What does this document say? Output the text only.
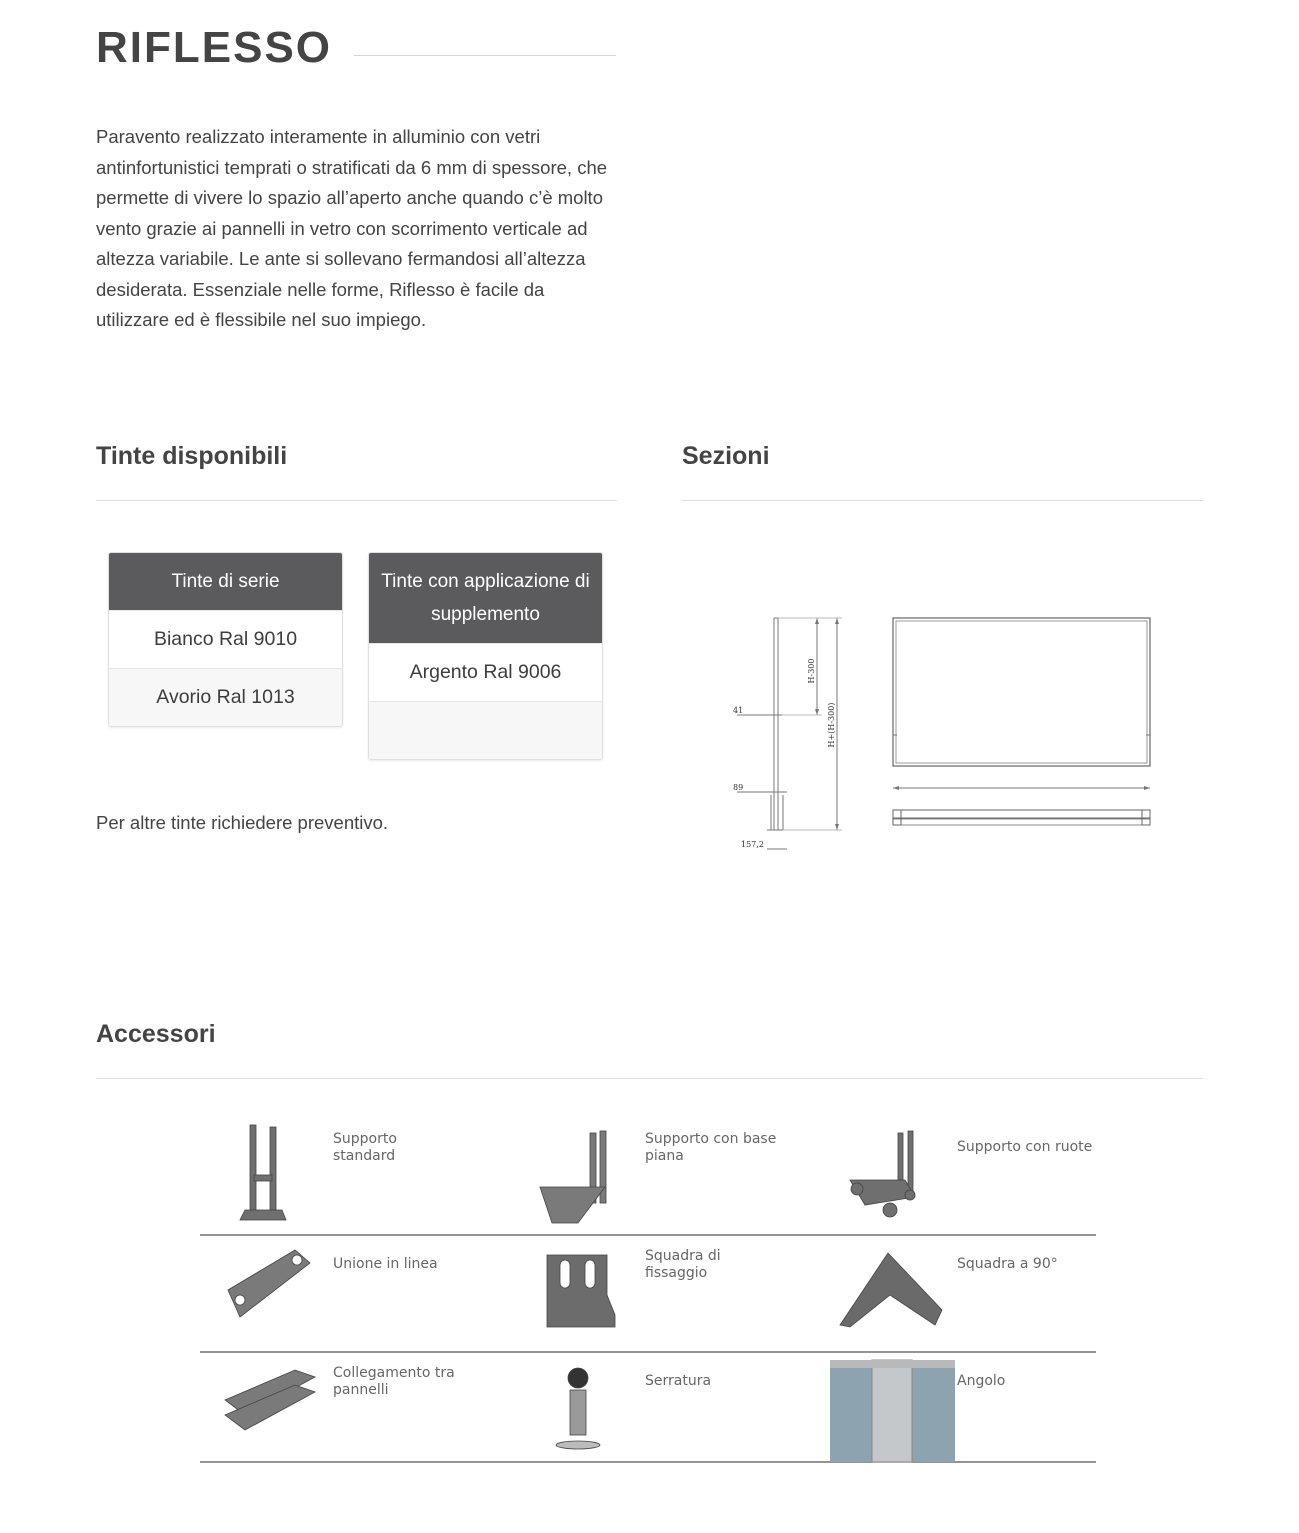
RIFLESSO

Paravento realizzato interamente in alluminio con vetri antinfortunistici temprati o stratificati da 6 mm di spessore, che permette di vivere lo spazio all’aperto anche quando c’è molto vento grazie ai pannelli in vetro con scorrimento verticale ad altezza variabile. Le ante si sollevano fermandosi all’altezza desiderata. Essenziale nelle forme, Riflesso è facile da utilizzare ed è flessibile nel suo impiego.

Tinte disponibili
Tinte di serie
Bianco Ral 9010
Avorio Ral 1013
Tinte con applicazione di supplemento
Argento Ral 9006

Per altre tinte richiedere preventivo.

Sezioni
41
89
157,2
H-300
H+(H-300)
Accessori
Supporto
standard
Supporto con base
piana
Supporto con ruote
Unione in linea	Squadra di
fissaggio
Squadra a 90°
Collegamento tra
pannelli
Serratura	Angolo
